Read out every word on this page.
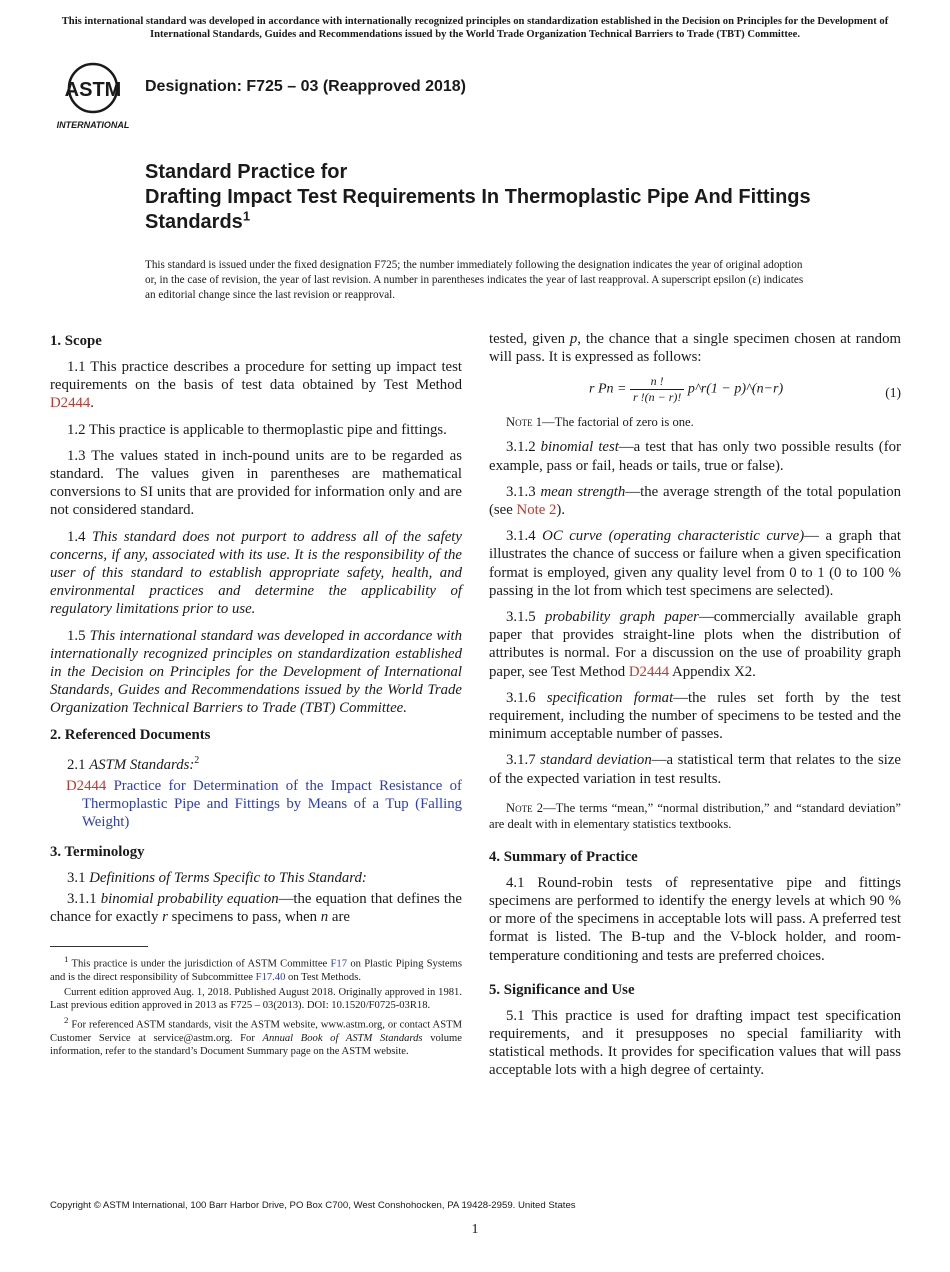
This international standard was developed in accordance with internationally recognized principles on standardization established in the Decision on Principles for the Development of International Standards, Guides and Recommendations issued by the World Trade Organization Technical Barriers to Trade (TBT) Committee.
ASTM
INTERNATIONAL
Designation: F725 – 03 (Reapproved 2018)
Standard Practice for
Drafting Impact Test Requirements In Thermoplastic Pipe And Fittings Standards$^1$
This standard is issued under the fixed designation F725; the number immediately following the designation indicates the year of original adoption or, in the case of revision, the year of last revision. A number in parentheses indicates the year of last reapproval. A superscript epsilon (ε) indicates an editorial change since the last revision or reapproval.
1. Scope

1.1 This practice describes a procedure for setting up impact test requirements on the basis of test data obtained by Test Method D2444.

1.2 This practice is applicable to thermoplastic pipe and fittings.

1.3 The values stated in inch-pound units are to be regarded as standard. The values given in parentheses are mathematical conversions to SI units that are provided for information only and are not considered standard.

1.4 This standard does not purport to address all of the safety concerns, if any, associated with its use. It is the responsibility of the user of this standard to establish appropriate safety, health, and environmental practices and determine the applicability of regulatory limitations prior to use.

1.5 This international standard was developed in accordance with internationally recognized principles on standardization established in the Decision on Principles for the Development of International Standards, Guides and Recommendations issued by the World Trade Organization Technical Barriers to Trade (TBT) Committee.

2. Referenced Documents

2.1 ASTM Standards:$^2$

D2444 Practice for Determination of the Impact Resistance of Thermoplastic Pipe and Fittings by Means of a Tup (Falling Weight)

3. Terminology

3.1 Definitions of Terms Specific to This Standard:

3.1.1 binomial probability equation—the equation that defines the chance for exactly r specimens to pass, when n are

$^1$ This practice is under the jurisdiction of ASTM Committee F17 on Plastic Piping Systems and is the direct responsibility of Subcommittee F17.40 on Test Methods.

Current edition approved Aug. 1, 2018. Published August 2018. Originally approved in 1981. Last previous edition approved in 2013 as F725 – 03(2013). DOI: 10.1520/F0725-03R18.

$^2$ For referenced ASTM standards, visit the ASTM website, www.astm.org, or contact ASTM Customer Service at service@astm.org. For Annual Book of ASTM Standards volume information, refer to the standard’s Document Summary page on the ASTM website.

tested, given p, the chance that a single specimen chosen at random will pass. It is expressed as follows:

r $Pn = \frac{n !}{r !(n - r)!}$ p^r(1 − p)^(n−r)	(1)

Note 1—The factorial of zero is one.

3.1.2 binomial test—a test that has only two possible results (for example, pass or fail, heads or tails, true or false).

3.1.3 mean strength—the average strength of the total population (see Note 2).

3.1.4 OC curve (operating characteristic curve)— a graph that illustrates the chance of success or failure when a given specification format is employed, given any quality level from 0 to 1 (0 to 100 % passing in the lot from which test specimens are selected).

3.1.5 probability graph paper—commercially available graph paper that provides straight-line plots when the distribution of attributes is normal. For a discussion on the use of proability graph paper, see Test Method D2444 Appendix X2.

3.1.6 specification format—the rules set forth by the test requirement, including the number of specimens to be tested and the minimum acceptable number of passes.

3.1.7 standard deviation—a statistical term that relates to the size of the expected variation in test results.

Note 2—The terms “mean,” “normal distribution,” and “standard deviation” are dealt with in elementary statistics textbooks.

4. Summary of Practice

4.1 Round-robin tests of representative pipe and fittings specimens are performed to identify the energy levels at which 90 % or more of the specimens in acceptable lots will pass. A preferred test format is listed. The B-tup and the V-block holder, and room-temperature conditioning and tests are preferred choices.

5. Significance and Use

5.1 This practice is used for drafting impact test specification requirements, and it presupposes no special familiarity with statistical methods. It provides for specification values that will pass acceptable lots with a high degree of certainty.

Copyright © ASTM International, 100 Barr Harbor Drive, PO Box C700, West Conshohocken, PA 19428-2959. United States
1
